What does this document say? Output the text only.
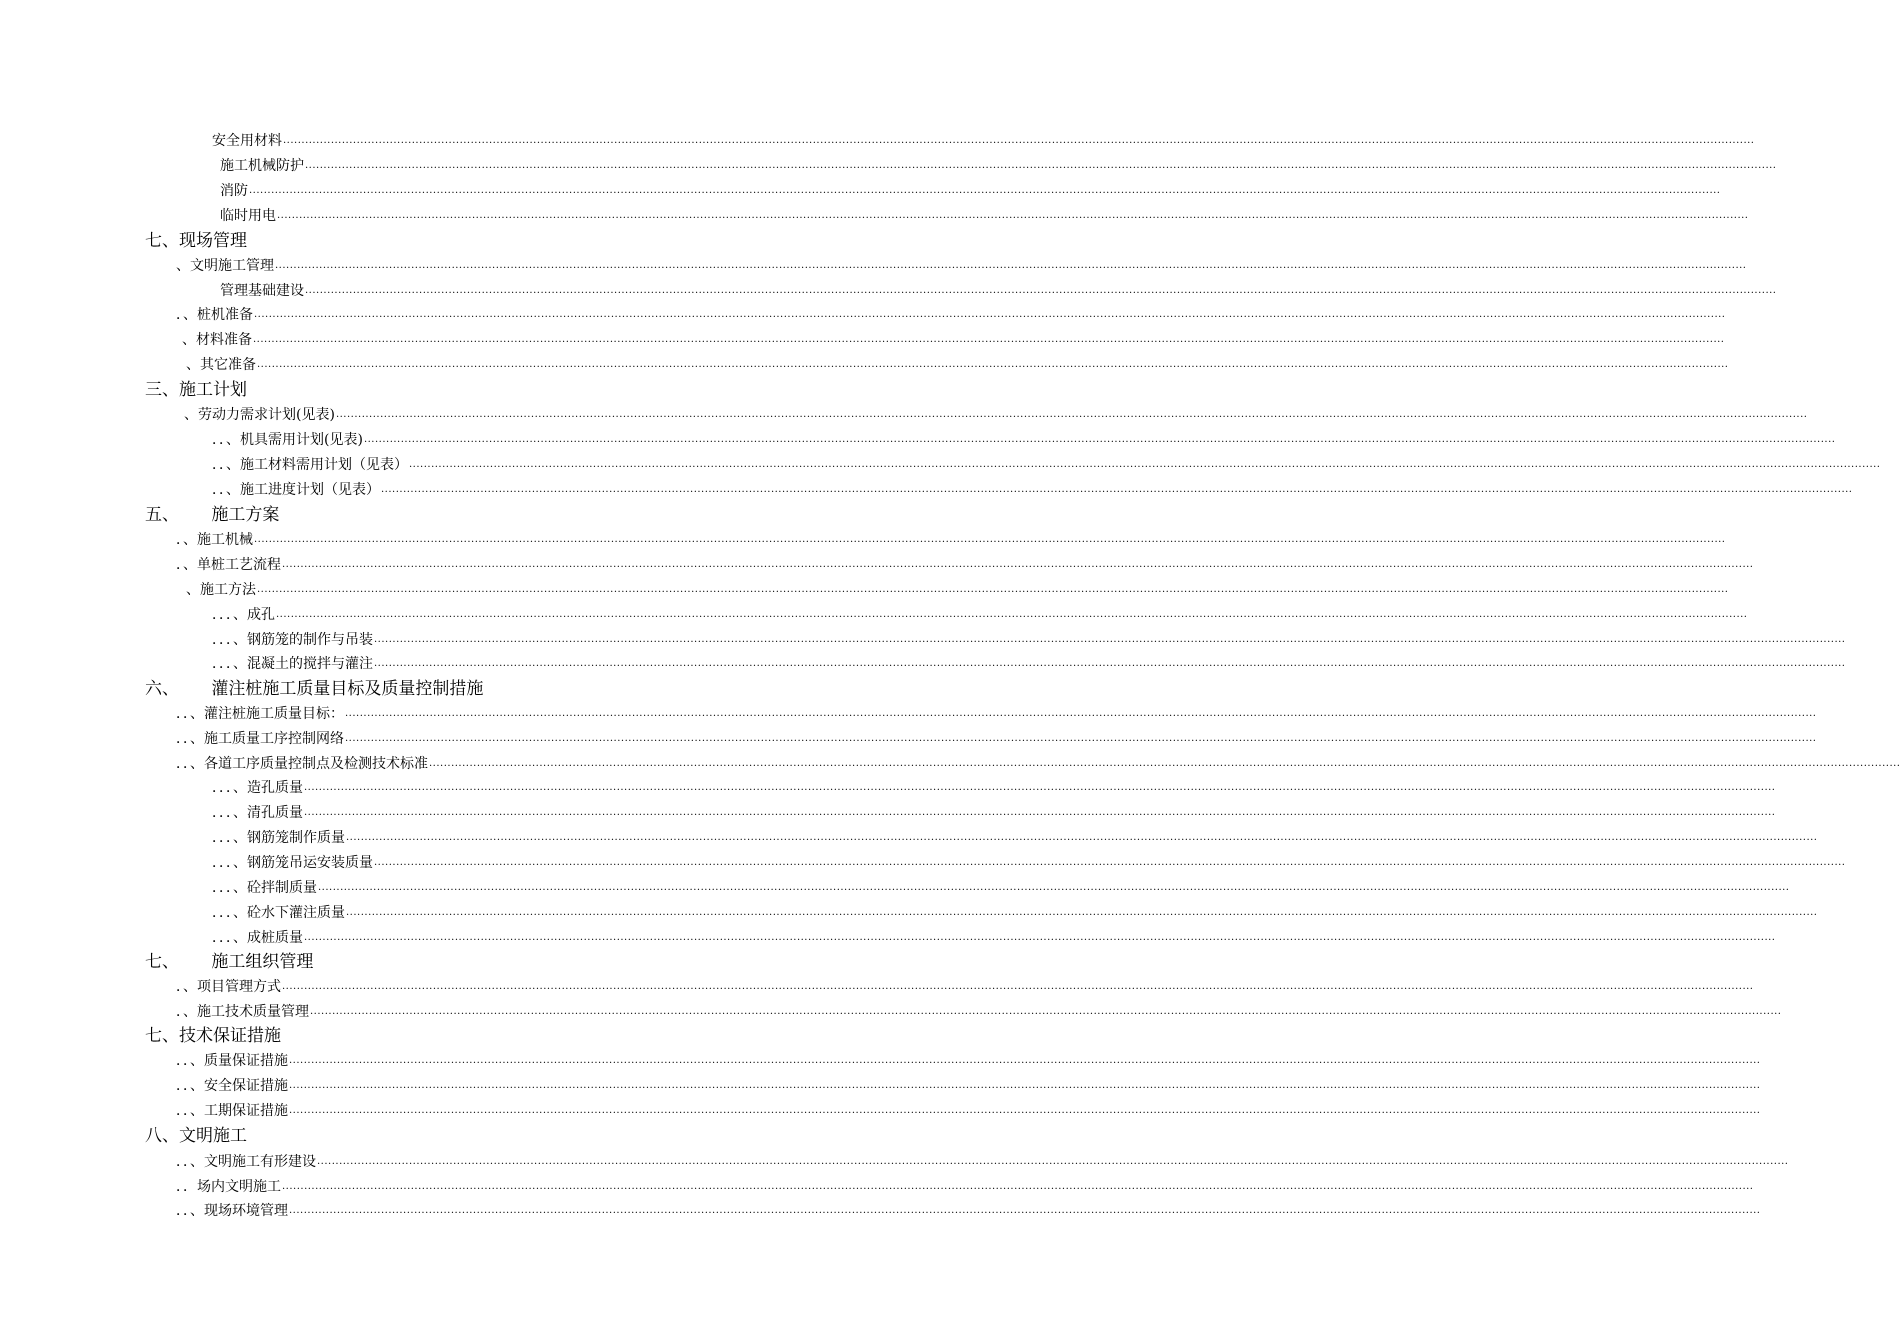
安全用材料 ................................................................................................................................................................................................................................................................................................................................................................................................................
施工机械防护 ................................................................................................................................................................................................................................................................................................................................................................................................................
消防 ................................................................................................................................................................................................................................................................................................................................................................................................................
临时用电 ................................................................................................................................................................................................................................................................................................................................................................................................................
七、现场管理
、文明施工管理 ................................................................................................................................................................................................................................................................................................................................................................................................................
管理基础建设 ................................................................................................................................................................................................................................................................................................................................................................................................................
．、桩机准备 ................................................................................................................................................................................................................................................................................................................................................................................................................
、材料准备 ................................................................................................................................................................................................................................................................................................................................................................................................................
、其它准备 ................................................................................................................................................................................................................................................................................................................................................................................................................
三、施工计划
、劳动力需求计划(见表) ................................................................................................................................................................................................................................................................................................................................................................................................................
．．、机具需用计划(见表) ................................................................................................................................................................................................................................................................................................................................................................................................................
．．、施工材料需用计划（见表） ................................................................................................................................................................................................................................................................................................................................................................................................................
．．、施工进度计划（见表） ................................................................................................................................................................................................................................................................................................................................................................................................................
五、      施工方案
．、施工机械 ................................................................................................................................................................................................................................................................................................................................................................................................................
．、单桩工艺流程 ................................................................................................................................................................................................................................................................................................................................................................................................................
、施工方法 ................................................................................................................................................................................................................................................................................................................................................................................................................
．．．、成孔 ................................................................................................................................................................................................................................................................................................................................................................................................................
．．．、钢筋笼的制作与吊装 ................................................................................................................................................................................................................................................................................................................................................................................................................
．．．、混凝土的搅拌与灌注 ................................................................................................................................................................................................................................................................................................................................................................................................................
六、      灌注桩施工质量目标及质量控制措施
．．、灌注桩施工质量目标： ................................................................................................................................................................................................................................................................................................................................................................................................................
．．、施工质量工序控制网络 ................................................................................................................................................................................................................................................................................................................................................................................................................
．．、各道工序质量控制点及检测技术标准 ................................................................................................................................................................................................................................................................................................................................................................................................................
．．．、造孔质量 ................................................................................................................................................................................................................................................................................................................................................................................................................
．．．、清孔质量 ................................................................................................................................................................................................................................................................................................................................................................................................................
．．．、钢筋笼制作质量 ................................................................................................................................................................................................................................................................................................................................................................................................................
．．．、钢筋笼吊运安装质量 ................................................................................................................................................................................................................................................................................................................................................................................................................
．．．、砼拌制质量 ................................................................................................................................................................................................................................................................................................................................................................................................................
．．．、砼水下灌注质量 ................................................................................................................................................................................................................................................................................................................................................................................................................
．．．、成桩质量 ................................................................................................................................................................................................................................................................................................................................................................................................................
七、      施工组织管理
．、项目管理方式 ................................................................................................................................................................................................................................................................................................................................................................................................................
．、施工技术质量管理 ................................................................................................................................................................................................................................................................................................................................................................................................................
七、技术保证措施
．．、质量保证措施 ................................................................................................................................................................................................................................................................................................................................................................................................................
．．、安全保证措施 ................................................................................................................................................................................................................................................................................................................................................................................................................
．．、工期保证措施 ................................................................................................................................................................................................................................................................................................................................................................................................................
八、文明施工
．．、文明施工有形建设 ................................................................................................................................................................................................................................................................................................................................................................................................................
．．场内文明施工 ................................................................................................................................................................................................................................................................................................................................................................................................................
．．、现场环境管理 ................................................................................................................................................................................................................................................................................................................................................................................................................
